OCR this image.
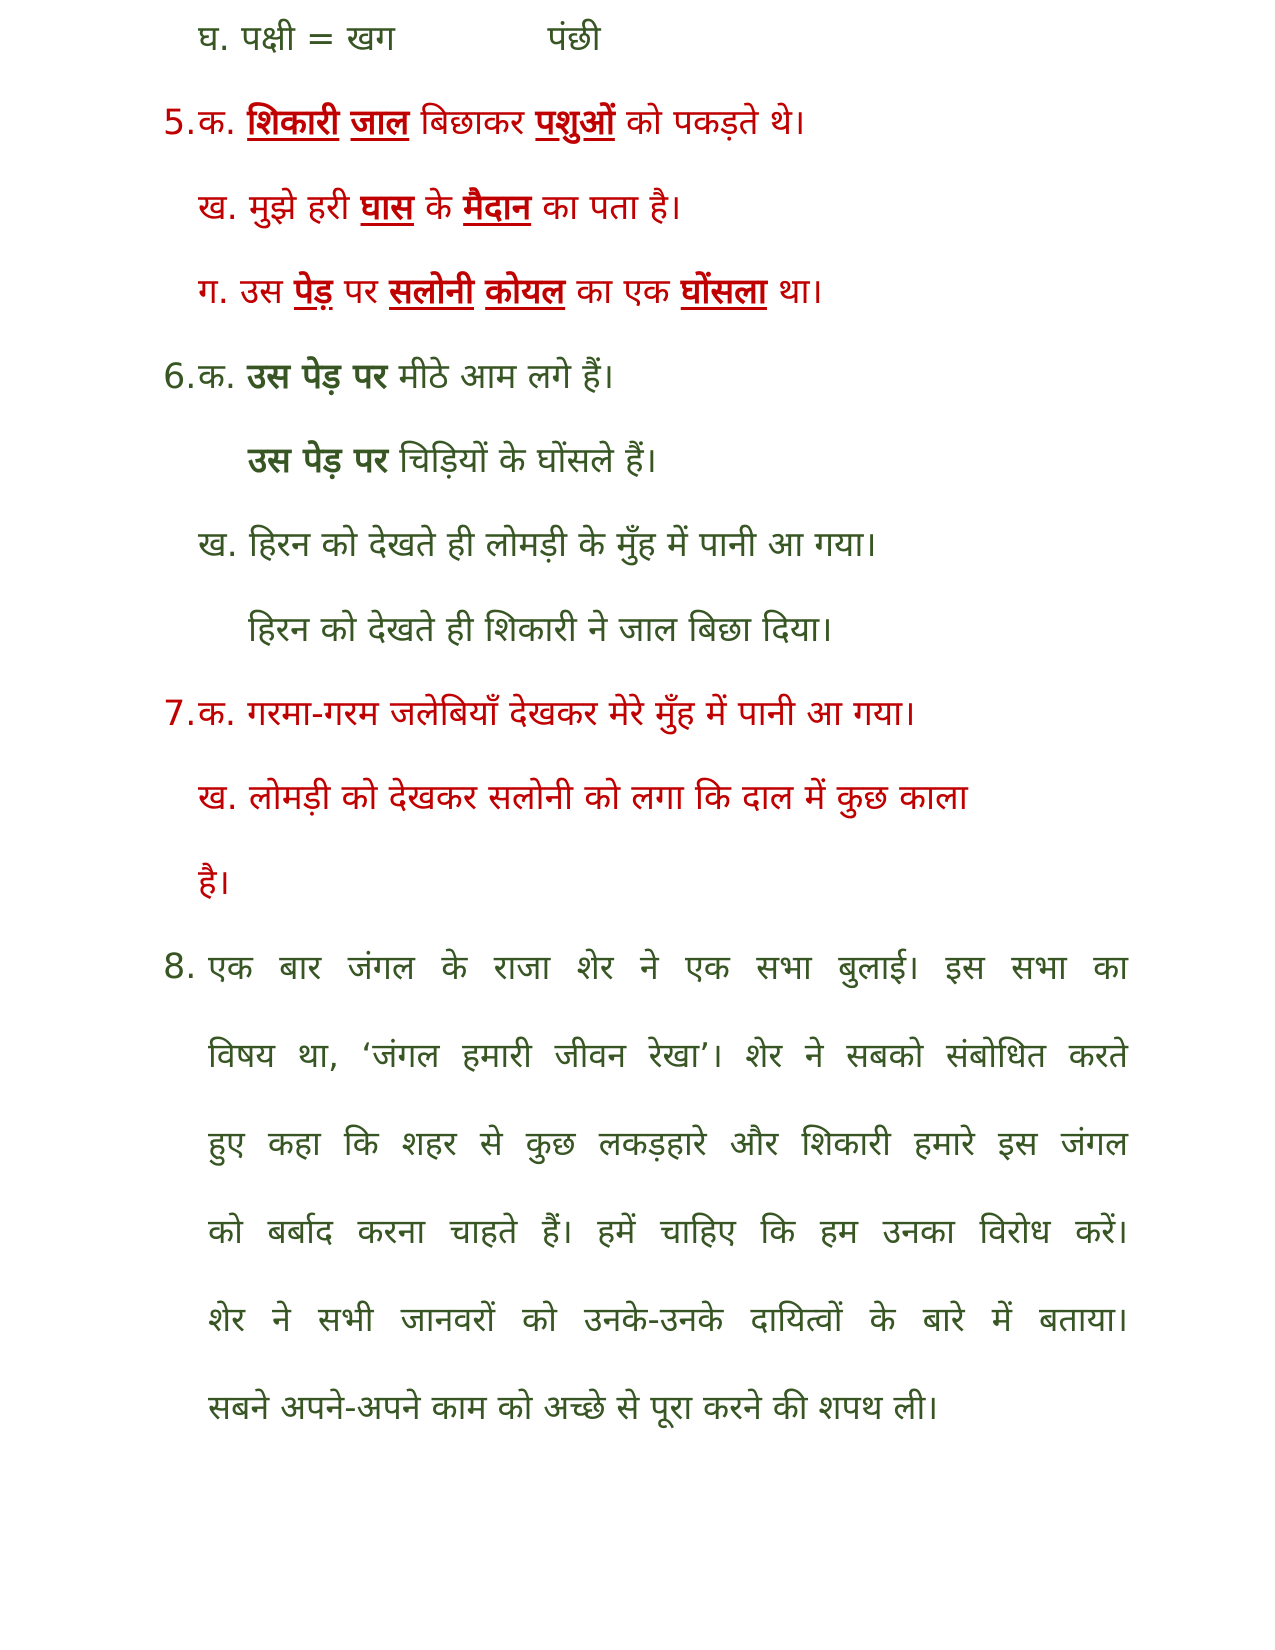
घ. पक्षी = खग	पंछी
5. क. शिकारी जाल बिछाकर पशुओं को पकड़ते थे।
ख. मुझे हरी घास के मैदान का पता है।
ग. उस पेड़ पर सलोनी कोयल का एक घोंसला था।
6. क. उस पेड़ पर मीठे आम लगे हैं।
उस पेड़ पर चिड़ियों के घोंसले हैं।
ख. हिरन को देखते ही लोमड़ी के मुँह में पानी आ गया।
हिरन को देखते ही शिकारी ने जाल बिछा दिया।
7. क. गरमा-गरम जलेबियाँ देखकर मेरे मुँह में पानी आ गया।
ख. लोमड़ी को देखकर सलोनी को लगा कि दाल में कुछ काला
है।
8. एक बार जंगल के राजा शेर ने एक सभा बुलाई। इस सभा का
विषय था, ‘जंगल हमारी जीवन रेखा’। शेर ने सबको संबोधित करते
हुए कहा कि शहर से कुछ लकड़हारे और शिकारी हमारे इस जंगल
को बर्बाद करना चाहते हैं। हमें चाहिए कि हम उनका विरोध करें।
शेर ने सभी जानवरों को उनके-उनके दायित्वों के बारे में बताया।
सबने अपने-अपने काम को अच्छे से पूरा करने की शपथ ली।
